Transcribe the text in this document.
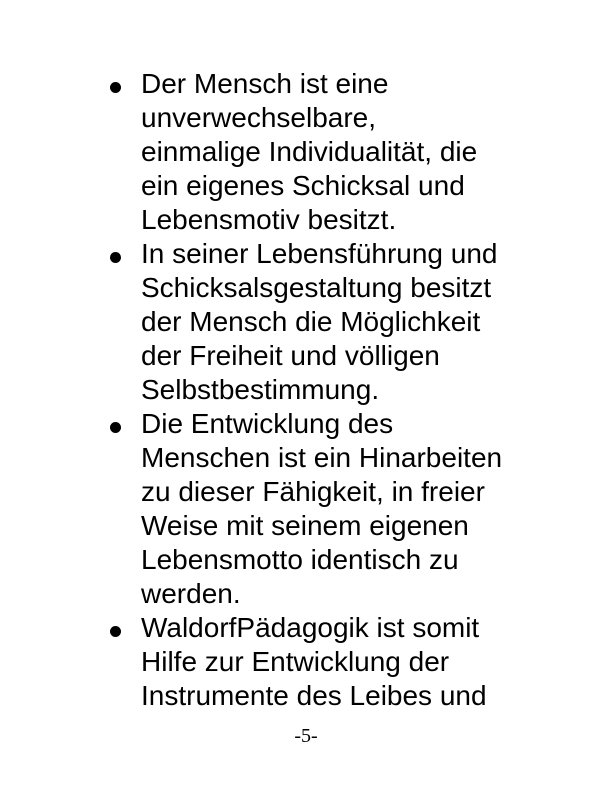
Der Mensch ist eine
unverwechselbare,
einmalige Individualität, die
ein eigenes Schicksal und
Lebensmotiv besitzt.
In seiner Lebensführung und
Schicksalsgestaltung besitzt
der Mensch die Möglichkeit
der Freiheit und völligen
Selbstbestimmung.
Die Entwicklung des
Menschen ist ein Hinarbeiten
zu dieser Fähigkeit, in freier
Weise mit seinem eigenen
Lebensmotto identisch zu
werden.
WaldorfPädagogik ist somit
Hilfe zur Entwicklung der
Instrumente des Leibes und
-5-
